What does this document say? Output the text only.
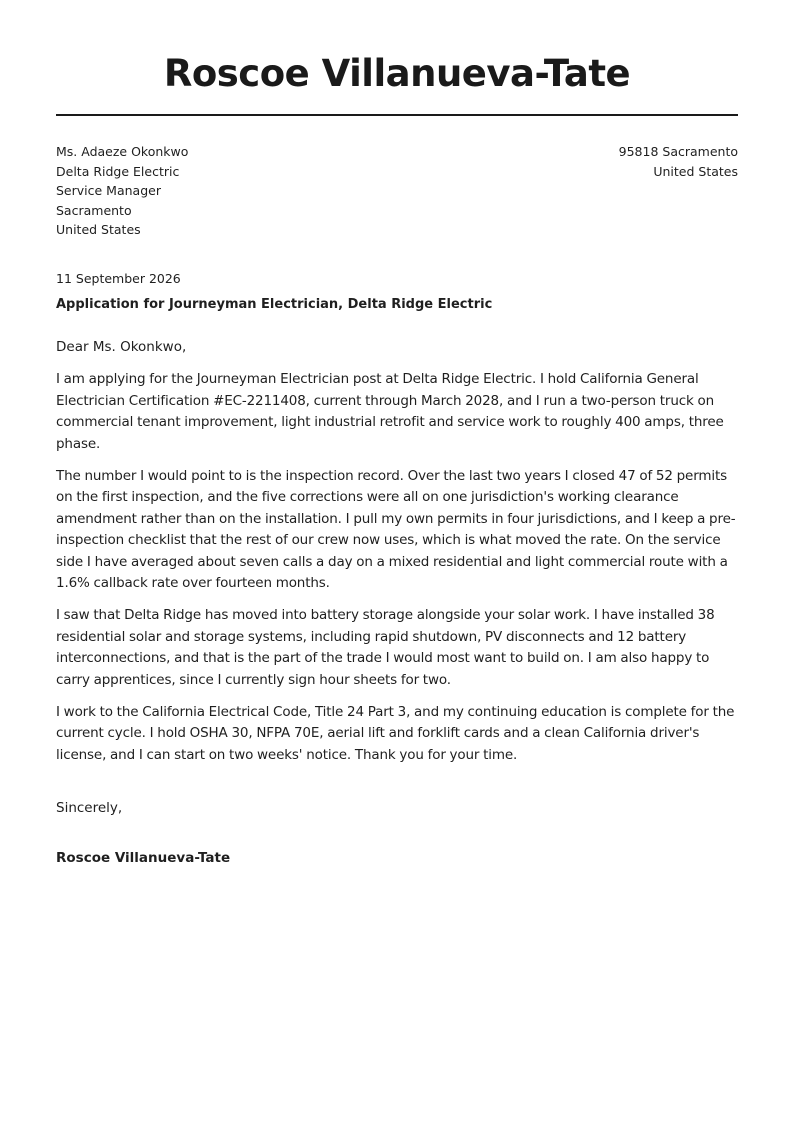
Roscoe Villanueva-Tate
Ms. Adaeze Okonkwo
Delta Ridge Electric
Service Manager
Sacramento
United States
95818 Sacramento
United States
11 September 2026
Application for Journeyman Electrician, Delta Ridge Electric
Dear Ms. Okonkwo,

I am applying for the Journeyman Electrician post at Delta Ridge Electric. I hold California General Electrician Certification #EC-2211408, current through March 2028, and I run a two-person truck on commercial tenant improvement, light industrial retrofit and service work to roughly 400 amps, three phase.

The number I would point to is the inspection record. Over the last two years I closed 47 of 52 permits on the first inspection, and the five corrections were all on one jurisdiction's working clearance amendment rather than on the installation. I pull my own permits in four jurisdictions, and I keep a pre-inspection checklist that the rest of our crew now uses, which is what moved the rate. On the service side I have averaged about seven calls a day on a mixed residential and light commercial route with a 1.6% callback rate over fourteen months.

I saw that Delta Ridge has moved into battery storage alongside your solar work. I have installed 38 residential solar and storage systems, including rapid shutdown, PV disconnects and 12 battery interconnections, and that is the part of the trade I would most want to build on. I am also happy to carry apprentices, since I currently sign hour sheets for two.

I work to the California Electrical Code, Title 24 Part 3, and my continuing education is complete for the current cycle. I hold OSHA 30, NFPA 70E, aerial lift and forklift cards and a clean California driver's license, and I can start on two weeks' notice. Thank you for your time.

Sincerely,
Roscoe Villanueva-Tate
